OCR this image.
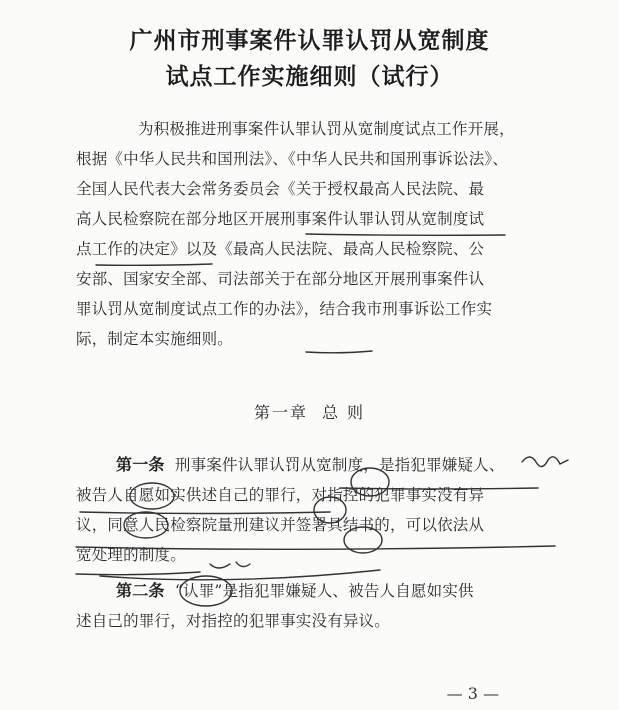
广州市刑事案件认罪认罚从宽制度
试点工作实施细则（试行）
为积极推进刑事案件认罪认罚从宽制度试点工作开展，
根据《中华人民共和国刑法》、《中华人民共和国刑事诉讼法》、
全国人民代表大会常务委员会《关于授权最高人民法院、最
高人民检察院在部分地区开展刑事案件认罪认罚从宽制度试
点工作的决定》以及《最高人民法院、最高人民检察院、公
安部、国家安全部、司法部关于在部分地区开展刑事案件认
罪认罚从宽制度试点工作的办法》，结合我市刑事诉讼工作实
际，制定本实施细则。
第一章 总 则
第一条 刑事案件认罪认罚从宽制度，是指犯罪嫌疑人、
被告人自愿如实供述自己的罪行，对指控的犯罪事实没有异
议，同意人民检察院量刑建议并签署具结书的，可以依法从
宽处理的制度。
第二条 “认罪”是指犯罪嫌疑人、被告人自愿如实供
述自己的罪行，对指控的犯罪事实没有异议。
— 3 —
